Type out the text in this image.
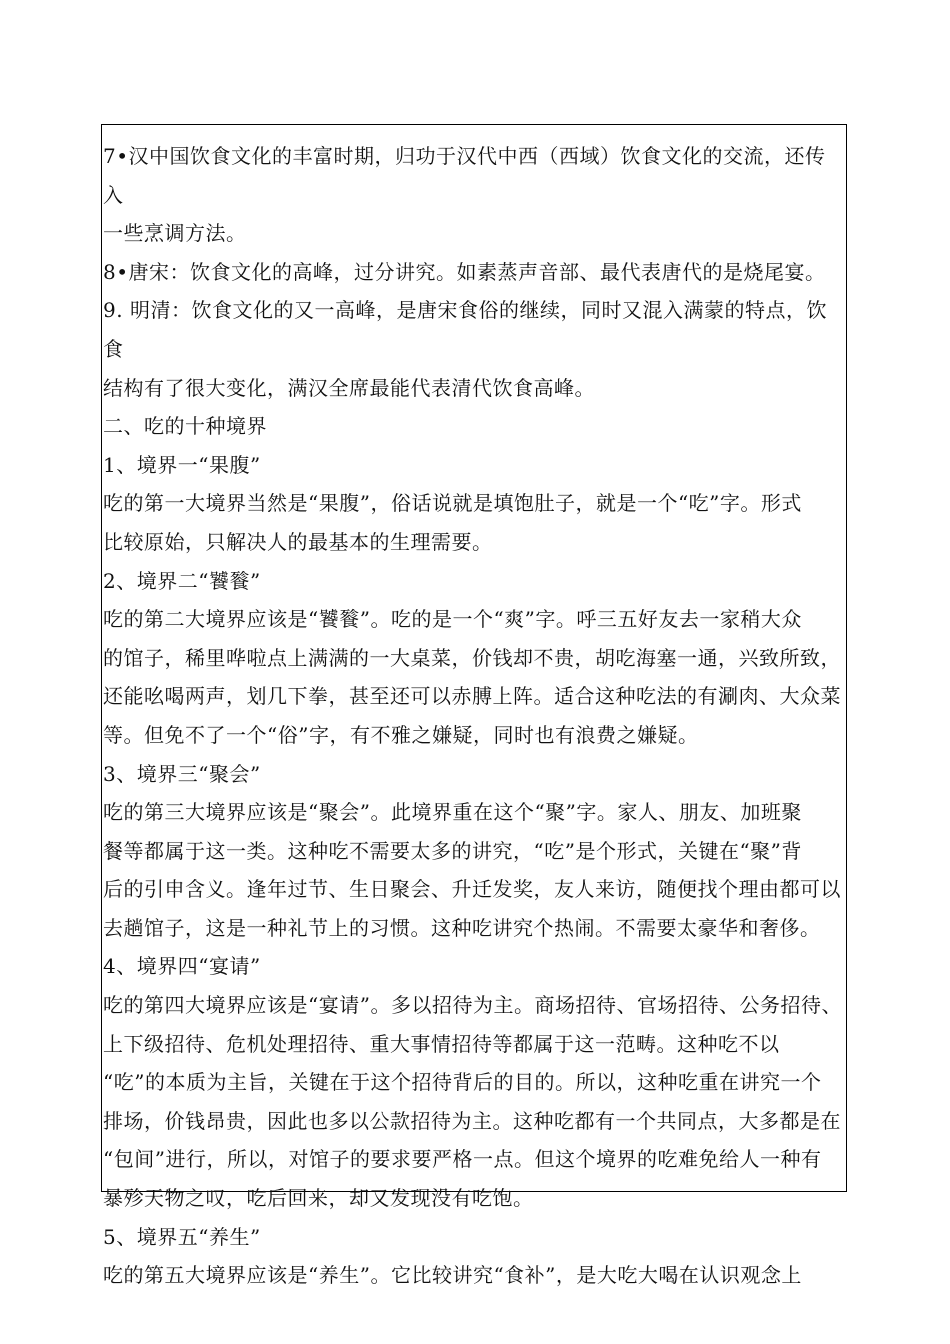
7•汉中国饮食文化的丰富时期，归功于汉代中西（西域）饮食文化的交流，还传入

一些烹调方法。

8•唐宋：饮食文化的高峰，过分讲究。如素蒸声音部、最代表唐代的是烧尾宴。

9. 明清：饮食文化的又一高峰，是唐宋食俗的继续，同时又混入满蒙的特点，饮食

结构有了很大变化，满汉全席最能代表清代饮食高峰。

二、吃的十种境界

1、境界一“果腹”

吃的第一大境界当然是“果腹”，俗话说就是填饱肚子，就是一个“吃”字。形式

比较原始，只解决人的最基本的生理需要。

2、境界二“饕餮”

吃的第二大境界应该是“饕餮”。吃的是一个“爽”字。呼三五好友去一家稍大众

的馆子，稀里哗啦点上满满的一大桌菜，价钱却不贵，胡吃海塞一通，兴致所致，

还能吆喝两声，划几下拳，甚至还可以赤膊上阵。适合这种吃法的有涮肉、大众菜

等。但免不了一个“俗”字，有不雅之嫌疑，同时也有浪费之嫌疑。

3、境界三“聚会”

吃的第三大境界应该是“聚会”。此境界重在这个“聚”字。家人、朋友、加班聚

餐等都属于这一类。这种吃不需要太多的讲究，“吃”是个形式，关键在“聚”背

后的引申含义。逢年过节、生日聚会、升迁发奖，友人来访，随便找个理由都可以

去趟馆子，这是一种礼节上的习惯。这种吃讲究个热闹。不需要太豪华和奢侈。

4、境界四“宴请”

吃的第四大境界应该是“宴请”。多以招待为主。商场招待、官场招待、公务招待、

上下级招待、危机处理招待、重大事情招待等都属于这一范畴。这种吃不以

“吃”的本质为主旨，关键在于这个招待背后的目的。所以，这种吃重在讲究一个

排场，价钱昂贵，因此也多以公款招待为主。这种吃都有一个共同点，大多都是在

“包间”进行，所以，对馆子的要求要严格一点。但这个境界的吃难免给人一种有

暴殄天物之叹，吃后回来，却又发现没有吃饱。

5、境界五“养生”

吃的第五大境界应该是“养生”。它比较讲究“食补”，是大吃大喝在认识观念上
